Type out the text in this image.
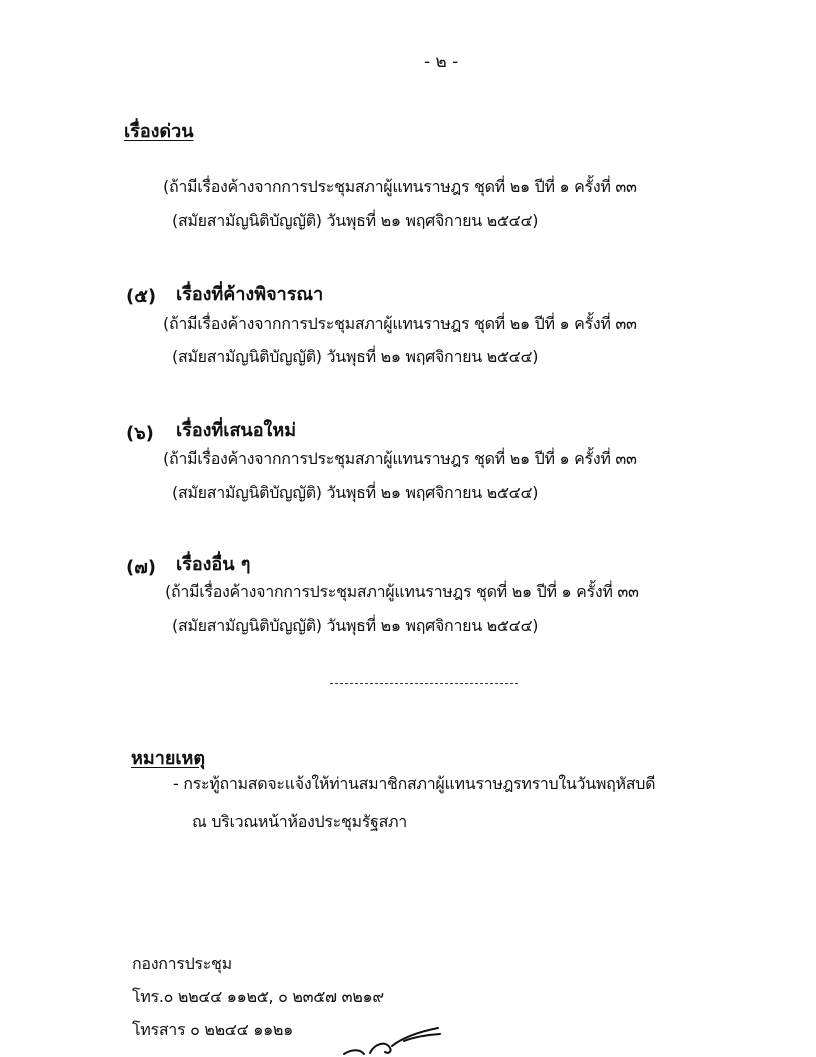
- ๒ -
เรื่องด่วน
(ถ้ามีเรื่องค้างจากการประชุมสภาผู้แทนราษฎร ชุดที่ ๒๑ ปีที่ ๑ ครั้งที่ ๓๓
(สมัยสามัญนิติบัญญัติ) วันพุธที่ ๒๑ พฤศจิกายน ๒๕๔๔)
(๕) เรื่องที่ค้างพิจารณา
(ถ้ามีเรื่องค้างจากการประชุมสภาผู้แทนราษฎร ชุดที่ ๒๑ ปีที่ ๑ ครั้งที่ ๓๓
(สมัยสามัญนิติบัญญัติ) วันพุธที่ ๒๑ พฤศจิกายน ๒๕๔๔)
(๖) เรื่องที่เสนอใหม่
(ถ้ามีเรื่องค้างจากการประชุมสภาผู้แทนราษฎร ชุดที่ ๒๑ ปีที่ ๑ ครั้งที่ ๓๓
(สมัยสามัญนิติบัญญัติ) วันพุธที่ ๒๑ พฤศจิกายน ๒๕๔๔)
(๗) เรื่องอื่น ๆ
(ถ้ามีเรื่องค้างจากการประชุมสภาผู้แทนราษฎร ชุดที่ ๒๑ ปีที่ ๑ ครั้งที่ ๓๓
(สมัยสามัญนิติบัญญัติ) วันพุธที่ ๒๑ พฤศจิกายน ๒๕๔๔)
หมายเหตุ
- กระทู้ถามสดจะแจ้งให้ท่านสมาชิกสภาผู้แทนราษฎรทราบในวันพฤหัสบดี
ณ บริเวณหน้าห้องประชุมรัฐสภา
กองการประชุม
โทร.๐ ๒๒๔๔ ๑๑๒๕, ๐ ๒๓๕๗ ๓๒๑๙
โทรสาร ๐ ๒๒๔๔ ๑๑๒๑
